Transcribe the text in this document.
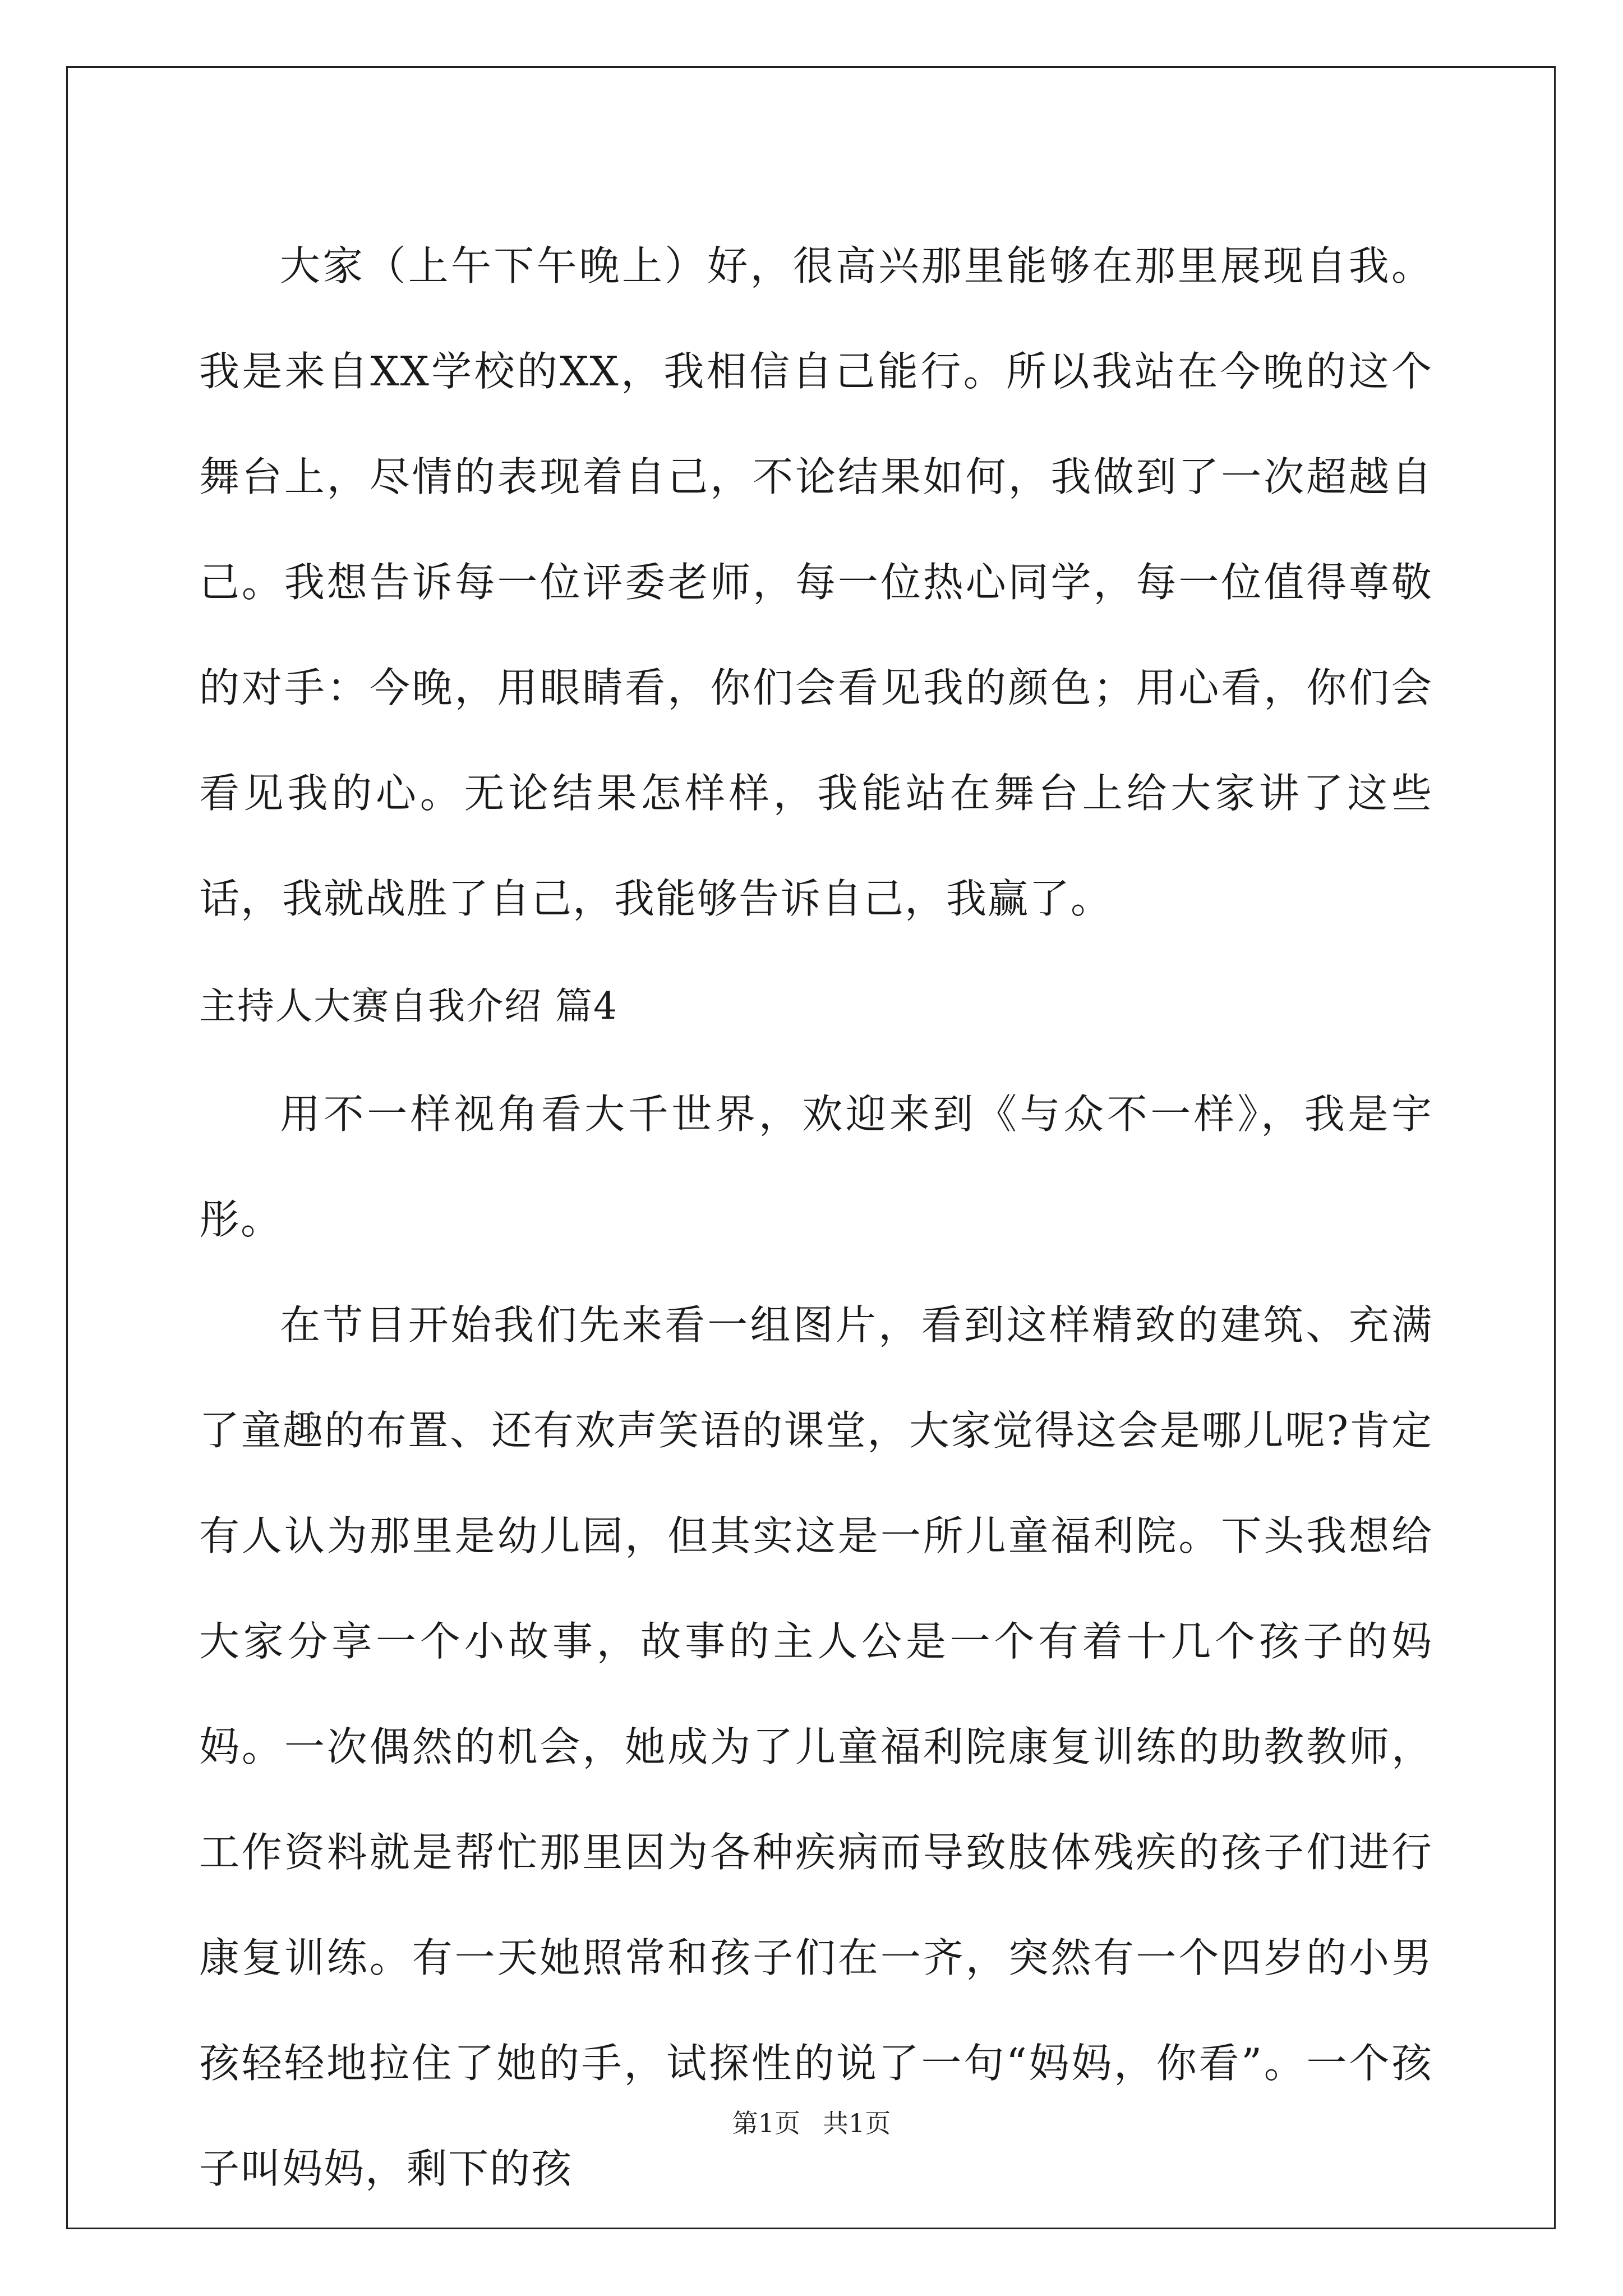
大家（上午下午晚上）好，很高兴那里能够在那里展现自我。我是来自XX学校的XX，我相信自己能行。所以我站在今晚的这个舞台上，尽情的表现着自己，不论结果如何，我做到了一次超越自己。我想告诉每一位评委老师，每一位热心同学，每一位值得尊敬的对手：今晚，用眼睛看，你们会看见我的颜色；用心看，你们会看见我的心。无论结果怎样样，我能站在舞台上给大家讲了这些话，我就战胜了自己，我能够告诉自己，我赢了。

主持人大赛自我介绍 篇4

用不一样视角看大千世界，欢迎来到《与众不一样》，我是宇彤。

在节目开始我们先来看一组图片，看到这样精致的建筑、充满了童趣的布置、还有欢声笑语的课堂，大家觉得这会是哪儿呢?肯定有人认为那里是幼儿园，但其实这是一所儿童福利院。下头我想给大家分享一个小故事，故事的主人公是一个有着十几个孩子的妈妈。一次偶然的机会，她成为了儿童福利院康复训练的助教教师，工作资料就是帮忙那里因为各种疾病而导致肢体残疾的孩子们进行康复训练。有一天她照常和孩子们在一齐，突然有一个四岁的小男孩轻轻地拉住了她的手，试探性的说了一句“妈妈，你看”。一个孩子叫妈妈，剩下的孩

第1页 共1页
